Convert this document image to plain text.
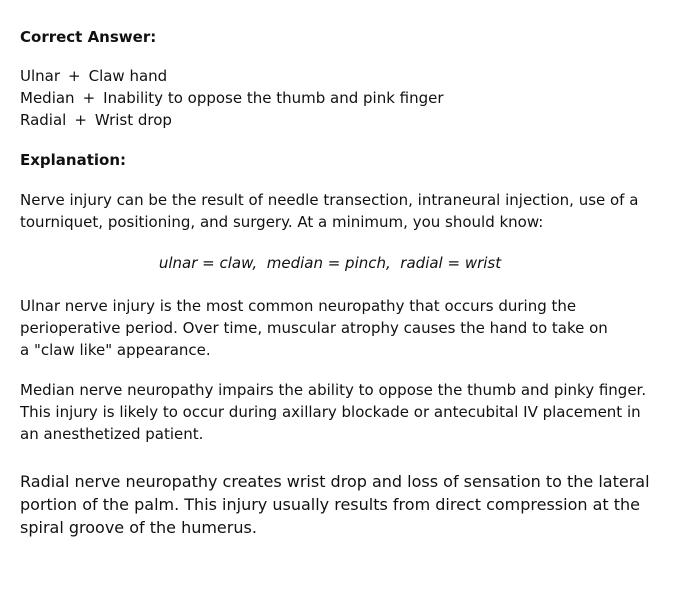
Correct Answer:

Ulnar + Claw hand
Median + Inability to oppose the thumb and pink finger
Radial + Wrist drop

Explanation:

Nerve injury can be the result of needle transection, intraneural injection, use of a tourniquet, positioning, and surgery. At a minimum, you should know:

ulnar = claw,  median = pinch,  radial = wrist

Ulnar nerve injury is the most common neuropathy that occurs during the perioperative period. Over time, muscular atrophy causes the hand to take on a "claw like" appearance.

Median nerve neuropathy impairs the ability to oppose the thumb and pinky finger. This injury is likely to occur during axillary blockade or antecubital IV placement in an anesthetized patient.

Radial nerve neuropathy creates wrist drop and loss of sensation to the lateral portion of the palm. This injury usually results from direct compression at the spiral groove of the humerus.
